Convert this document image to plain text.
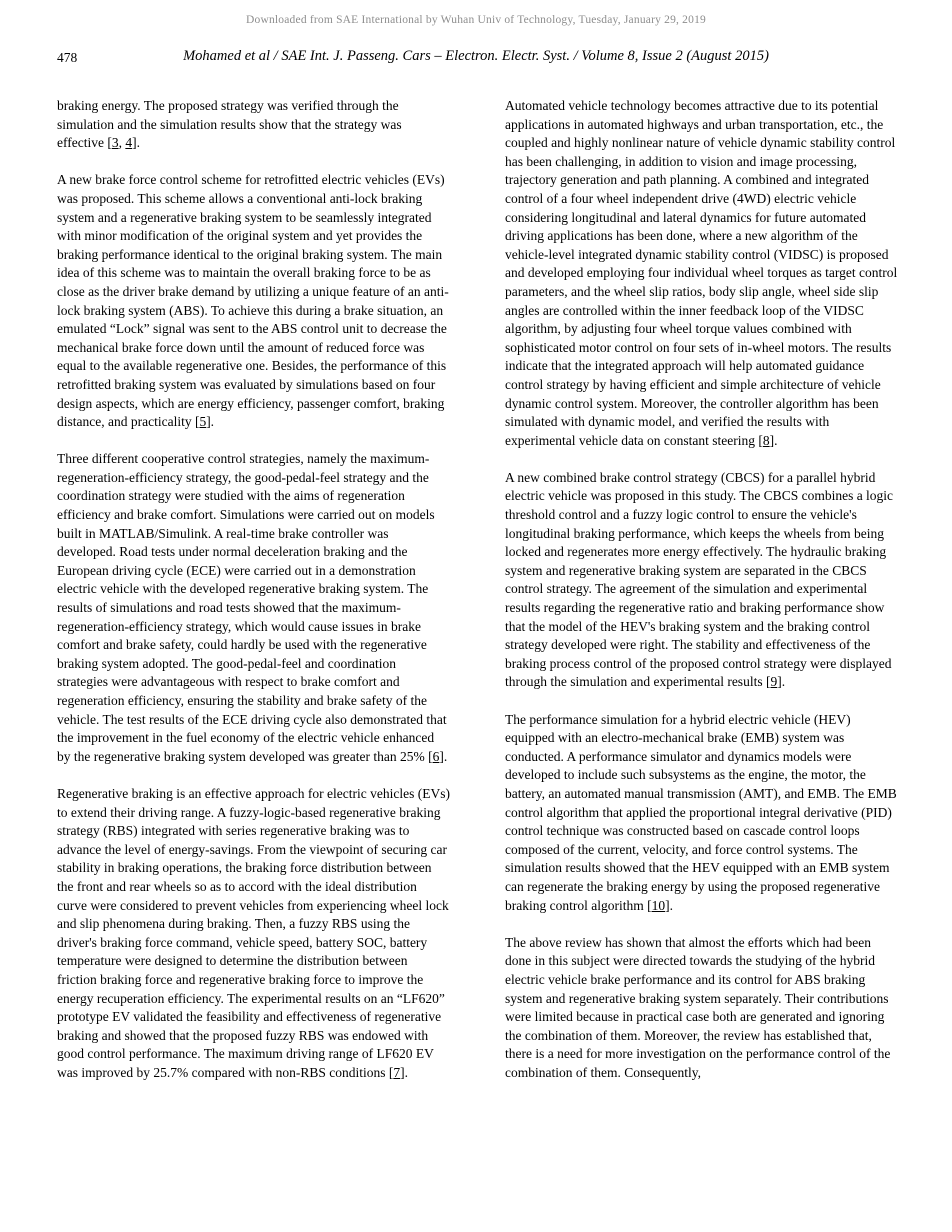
Downloaded from SAE International by Wuhan Univ of Technology, Tuesday, January 29, 2019
478	Mohamed et al / SAE Int. J. Passeng. Cars – Electron. Electr. Syst. / Volume 8, Issue 2 (August 2015)

braking energy. The proposed strategy was verified through the simulation and the simulation results show that the strategy was effective [3, 4].

A new brake force control scheme for retrofitted electric vehicles (EVs) was proposed. This scheme allows a conventional anti-lock braking system and a regenerative braking system to be seamlessly integrated with minor modification of the original system and yet provides the braking performance identical to the original braking system. The main idea of this scheme was to maintain the overall braking force to be as close as the driver brake demand by utilizing a unique feature of an anti-lock braking system (ABS). To achieve this during a brake situation, an emulated “Lock” signal was sent to the ABS control unit to decrease the mechanical brake force down until the amount of reduced force was equal to the available regenerative one. Besides, the performance of this retrofitted braking system was evaluated by simulations based on four design aspects, which are energy efficiency, passenger comfort, braking distance, and practicality [5].

Three different cooperative control strategies, namely the maximum-regeneration-efficiency strategy, the good-pedal-feel strategy and the coordination strategy were studied with the aims of regeneration efficiency and brake comfort. Simulations were carried out on models built in MATLAB/Simulink. A real-time brake controller was developed. Road tests under normal deceleration braking and the European driving cycle (ECE) were carried out in a demonstration electric vehicle with the developed regenerative braking system. The results of simulations and road tests showed that the maximum-regeneration-efficiency strategy, which would cause issues in brake comfort and brake safety, could hardly be used with the regenerative braking system adopted. The good-pedal-feel and coordination strategies were advantageous with respect to brake comfort and regeneration efficiency, ensuring the stability and brake safety of the vehicle. The test results of the ECE driving cycle also demonstrated that the improvement in the fuel economy of the electric vehicle enhanced by the regenerative braking system developed was greater than 25% [6].

Regenerative braking is an effective approach for electric vehicles (EVs) to extend their driving range. A fuzzy-logic-based regenerative braking strategy (RBS) integrated with series regenerative braking was to advance the level of energy-savings. From the viewpoint of securing car stability in braking operations, the braking force distribution between the front and rear wheels so as to accord with the ideal distribution curve were considered to prevent vehicles from experiencing wheel lock and slip phenomena during braking. Then, a fuzzy RBS using the driver's braking force command, vehicle speed, battery SOC, battery temperature were designed to determine the distribution between friction braking force and regenerative braking force to improve the energy recuperation efficiency. The experimental results on an “LF620” prototype EV validated the feasibility and effectiveness of regenerative braking and showed that the proposed fuzzy RBS was endowed with good control performance. The maximum driving range of LF620 EV was improved by 25.7% compared with non-RBS conditions [7].

Automated vehicle technology becomes attractive due to its potential applications in automated highways and urban transportation, etc., the coupled and highly nonlinear nature of vehicle dynamic stability control has been challenging, in addition to vision and image processing, trajectory generation and path planning. A combined and integrated control of a four wheel independent drive (4WD) electric vehicle considering longitudinal and lateral dynamics for future automated driving applications has been done, where a new algorithm of the vehicle-level integrated dynamic stability control (VIDSC) is proposed and developed employing four individual wheel torques as target control parameters, and the wheel slip ratios, body slip angle, wheel side slip angles are controlled within the inner feedback loop of the VIDSC algorithm, by adjusting four wheel torque values combined with sophisticated motor control on four sets of in-wheel motors. The results indicate that the integrated approach will help automated guidance control strategy by having efficient and simple architecture of vehicle dynamic control system. Moreover, the controller algorithm has been simulated with dynamic model, and verified the results with experimental vehicle data on constant steering [8].

A new combined brake control strategy (CBCS) for a parallel hybrid electric vehicle was proposed in this study. The CBCS combines a logic threshold control and a fuzzy logic control to ensure the vehicle's longitudinal braking performance, which keeps the wheels from being locked and regenerates more energy effectively. The hydraulic braking system and regenerative braking system are separated in the CBCS control strategy. The agreement of the simulation and experimental results regarding the regenerative ratio and braking performance show that the model of the HEV's braking system and the braking control strategy developed were right. The stability and effectiveness of the braking process control of the proposed control strategy were displayed through the simulation and experimental results [9].

The performance simulation for a hybrid electric vehicle (HEV) equipped with an electro-mechanical brake (EMB) system was conducted. A performance simulator and dynamics models were developed to include such subsystems as the engine, the motor, the battery, an automated manual transmission (AMT), and EMB. The EMB control algorithm that applied the proportional integral derivative (PID) control technique was constructed based on cascade control loops composed of the current, velocity, and force control systems. The simulation results showed that the HEV equipped with an EMB system can regenerate the braking energy by using the proposed regenerative braking control algorithm [10].

The above review has shown that almost the efforts which had been done in this subject were directed towards the studying of the hybrid electric vehicle brake performance and its control for ABS braking system and regenerative braking system separately. Their contributions were limited because in practical case both are generated and ignoring the combination of them. Moreover, the review has established that, there is a need for more investigation on the performance control of the combination of them. Consequently,
